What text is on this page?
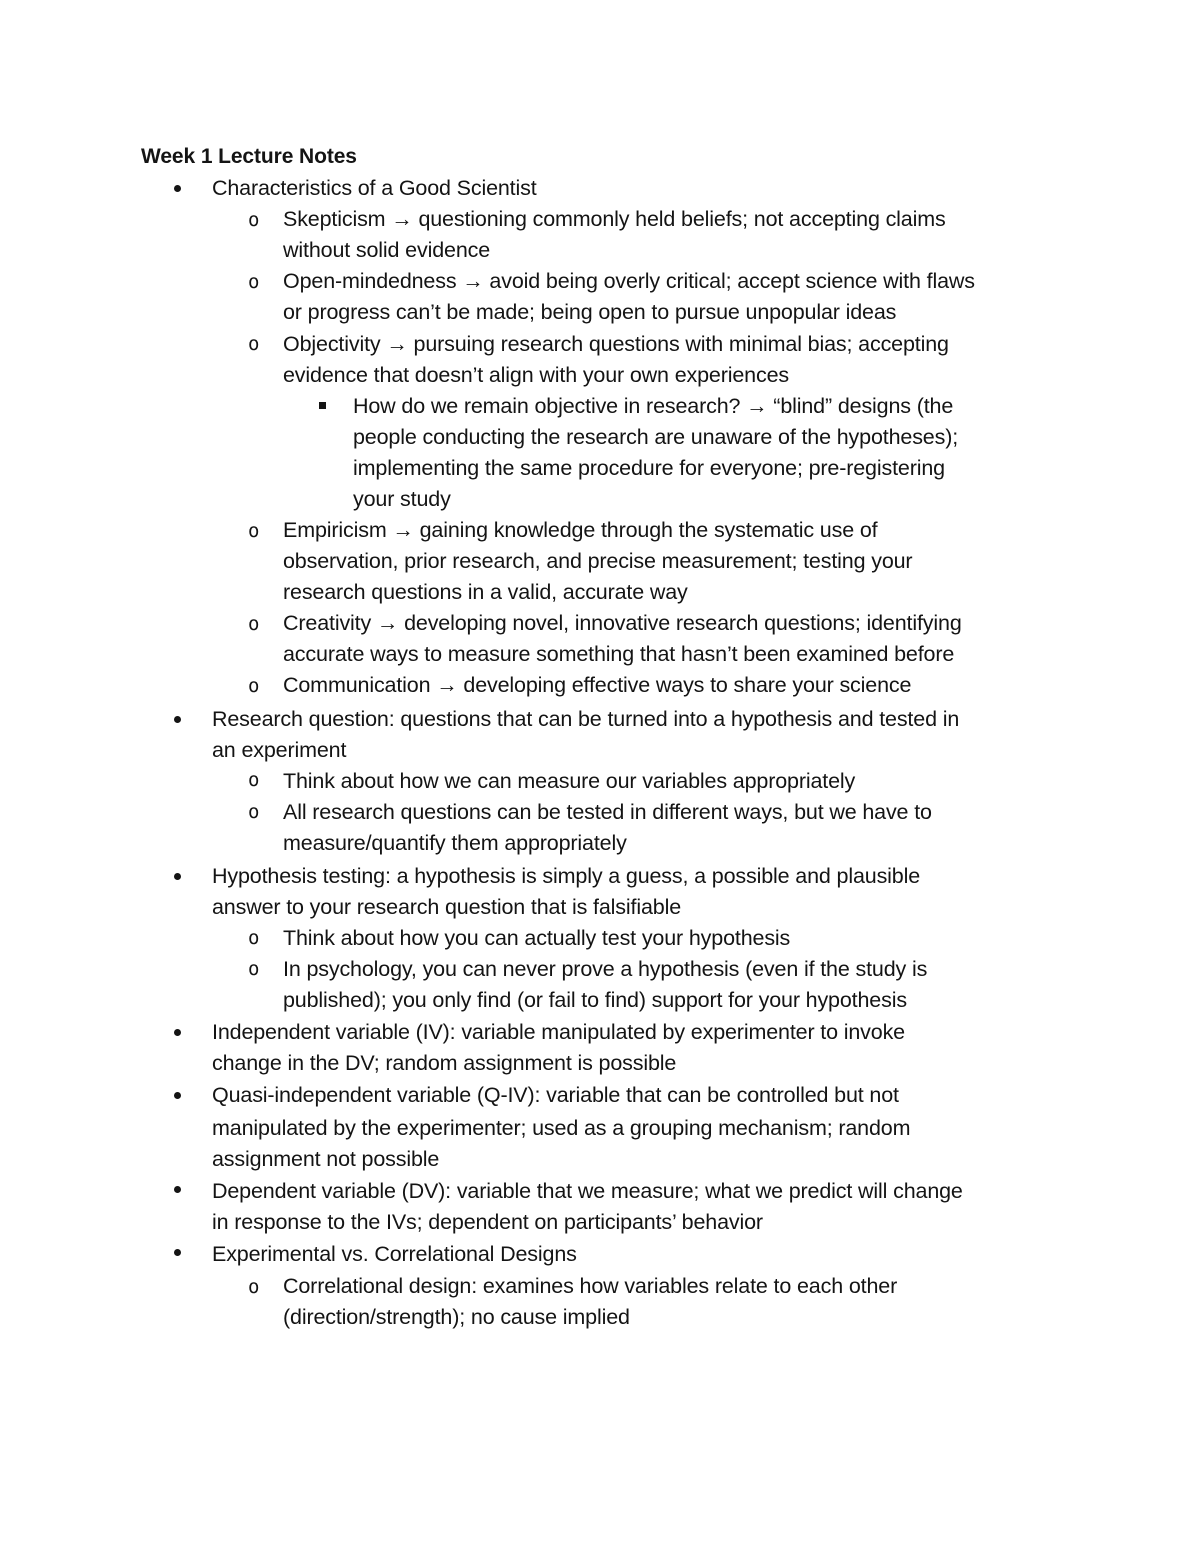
Week 1 Lecture Notes
o
o
o
o
o
o
o
o
o
o
o
Characteristics of a Good Scientist
Skepticism → questioning commonly held beliefs; not accepting claims
without solid evidence
Open-mindedness → avoid being overly critical; accept science with flaws
or progress can’t be made; being open to pursue unpopular ideas
Objectivity → pursuing research questions with minimal bias; accepting
evidence that doesn’t align with your own experiences
How do we remain objective in research? → “blind” designs (the
people conducting the research are unaware of the hypotheses);
implementing the same procedure for everyone; pre-registering
your study
Empiricism → gaining knowledge through the systematic use of
observation, prior research, and precise measurement; testing your
research questions in a valid, accurate way
Creativity → developing novel, innovative research questions; identifying
accurate ways to measure something that hasn’t been examined before
Communication → developing effective ways to share your science
Research question: questions that can be turned into a hypothesis and tested in
an experiment
Think about how we can measure our variables appropriately
All research questions can be tested in different ways, but we have to
measure/quantify them appropriately
Hypothesis testing: a hypothesis is simply a guess, a possible and plausible
answer to your research question that is falsifiable
Think about how you can actually test your hypothesis
In psychology, you can never prove a hypothesis (even if the study is
published); you only find (or fail to find) support for your hypothesis
Independent variable (IV): variable manipulated by experimenter to invoke
change in the DV; random assignment is possible
Quasi-independent variable (Q-IV): variable that can be controlled but not
manipulated by the experimenter; used as a grouping mechanism; random
assignment not possible
Dependent variable (DV): variable that we measure; what we predict will change
in response to the IVs; dependent on participants’ behavior
Experimental vs. Correlational Designs
Correlational design: examines how variables relate to each other
(direction/strength); no cause implied
